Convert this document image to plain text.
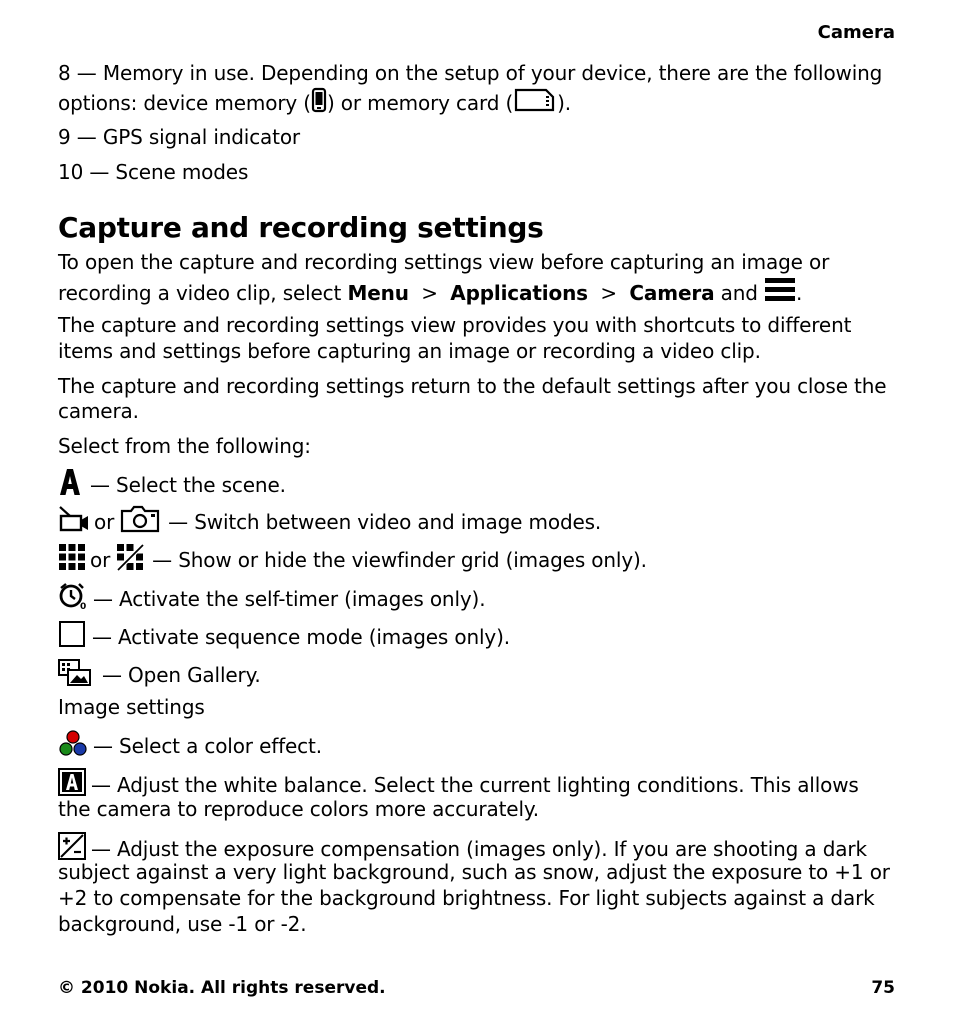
Camera
8 — Memory in use. Depending on the setup of your device, there are the following
options: device memory ( ) or memory card ( ).
9 — GPS signal indicator
10 — Scene modes
Capture and recording settings
To open the capture and recording settings view before capturing an image or
recording a video clip, select Menu > Applications > Camera and .
The capture and recording settings view provides you with shortcuts to different
items and settings before capturing an image or recording a video clip.
The capture and recording settings return to the default settings after you close the
camera.
Select from the following:
— Select the scene.
or	— Switch between video and image modes.
or — Show or hide the viewfinder grid (images only).
0 — Activate the self-timer (images only).
— Activate sequence mode (images only).
— Open Gallery.
Image settings
— Select a color effect.
— Adjust the white balance. Select the current lighting conditions. This allows
the camera to reproduce colors more accurately.
— Adjust the exposure compensation (images only). If you are shooting a dark
subject against a very light background, such as snow, adjust the exposure to +1 or
+2 to compensate for the background brightness. For light subjects against a dark
background, use -1 or -2.
© 2010 Nokia. All rights reserved.	75
